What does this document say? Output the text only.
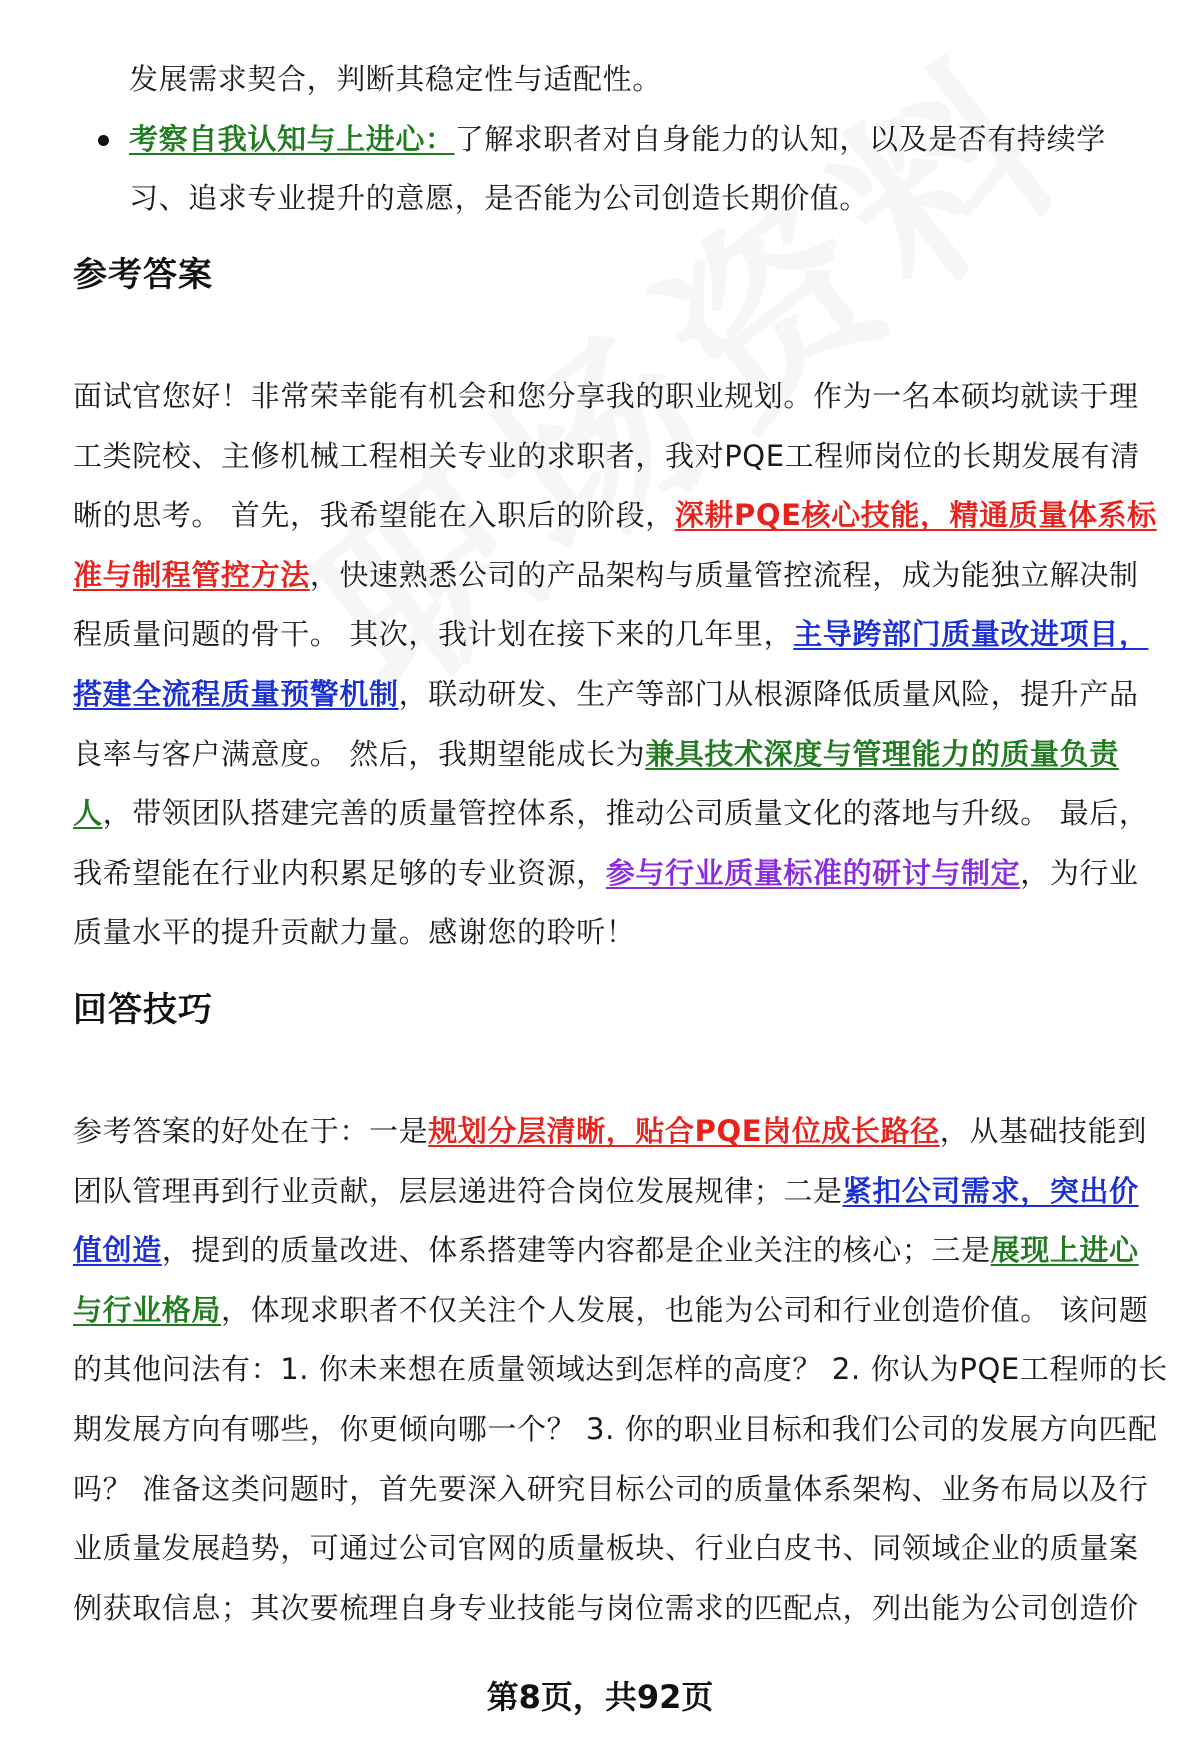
发展需求契合，判断其稳定性与适配性。
考察自我认知与上进心：了解求职者对自身能力的认知，以及是否有持续学
习、追求专业提升的意愿，是否能为公司创造长期价值。
参考答案
面试官您好！非常荣幸能有机会和您分享我的职业规划。作为一名本硕均就读于理
工类院校、主修机械工程相关专业的求职者，我对PQE工程师岗位的长期发展有清
晰的思考。 首先，我希望能在入职后的阶段，深耕PQE核心技能，精通质量体系标
准与制程管控方法，快速熟悉公司的产品架构与质量管控流程，成为能独立解决制
程质量问题的骨干。 其次，我计划在接下来的几年里，主导跨部门质量改进项目，
搭建全流程质量预警机制，联动研发、生产等部门从根源降低质量风险，提升产品
良率与客户满意度。 然后，我期望能成长为兼具技术深度与管理能力的质量负责
人，带领团队搭建完善的质量管控体系，推动公司质量文化的落地与升级。 最后，
我希望能在行业内积累足够的专业资源，参与行业质量标准的研讨与制定，为行业
质量水平的提升贡献力量。感谢您的聆听！
回答技巧
参考答案的好处在于：一是规划分层清晰，贴合PQE岗位成长路径，从基础技能到
团队管理再到行业贡献，层层递进符合岗位发展规律；二是紧扣公司需求，突出价
值创造，提到的质量改进、体系搭建等内容都是企业关注的核心；三是展现上进心
与行业格局，体现求职者不仅关注个人发展，也能为公司和行业创造价值。 该问题
的其他问法有：1. 你未来想在质量领域达到怎样的高度？ 2. 你认为PQE工程师的长
期发展方向有哪些，你更倾向哪一个？ 3. 你的职业目标和我们公司的发展方向匹配
吗？ 准备这类问题时，首先要深入研究目标公司的质量体系架构、业务布局以及行
业质量发展趋势，可通过公司官网的质量板块、行业白皮书、同领域企业的质量案
例获取信息；其次要梳理自身专业技能与岗位需求的匹配点，列出能为公司创造价
第8页，共92页
